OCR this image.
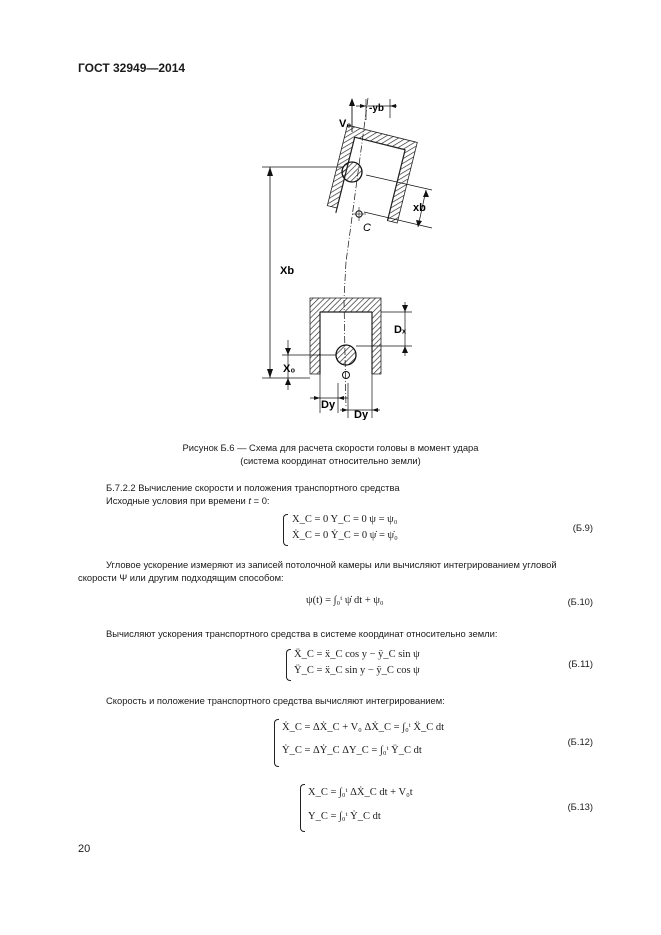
ГОСТ 32949—2014
V₀
-yb
xb
C
Xb
Dₓ
X₀
Dy
Dy
Рисунок Б.6 — Схема для расчета скорости головы в момент удара
(система координат относительно земли)
Б.7.2.2 Вычисление скорости и положения транспортного средства
Исходные условия при времени t = 0:
X_C = 0 Y_C = 0 ψ = ψ₀
Ẋ_C = 0 Ẏ_C = 0 ψ̇ = ψ̇₀
(Б.9)
Угловое ускорение измеряют из записей потолочной камеры или вычисляют интегрированием угловой скорости Ψ или другим подходящим способом:
ψ(t) = ∫₀ᵗ ψ̇ dt + ψ₀	(Б.10)
Вычисляют ускорения транспортного средства в системе координат относительно земли:
Ẍ_C = ẍ_C cos y − ÿ_C sin ψ
Ÿ_C = ẍ_C sin y − ÿ_C cos ψ
(Б.11)
Скорость и положение транспортного средства вычисляют интегрированием:
Ẋ_C = ΔẊ_C + V₀ ΔẊ_C = ∫₀ᵗ Ẍ_C dt
Ẏ_C = ΔẎ_C ΔY_C = ∫₀ᵗ Ÿ_C dt
(Б.12)
X_C = ∫₀ᵗ ΔẊ_C dt + V₀t
Y_C = ∫₀ᵗ Ẏ_C dt
(Б.13)
20
